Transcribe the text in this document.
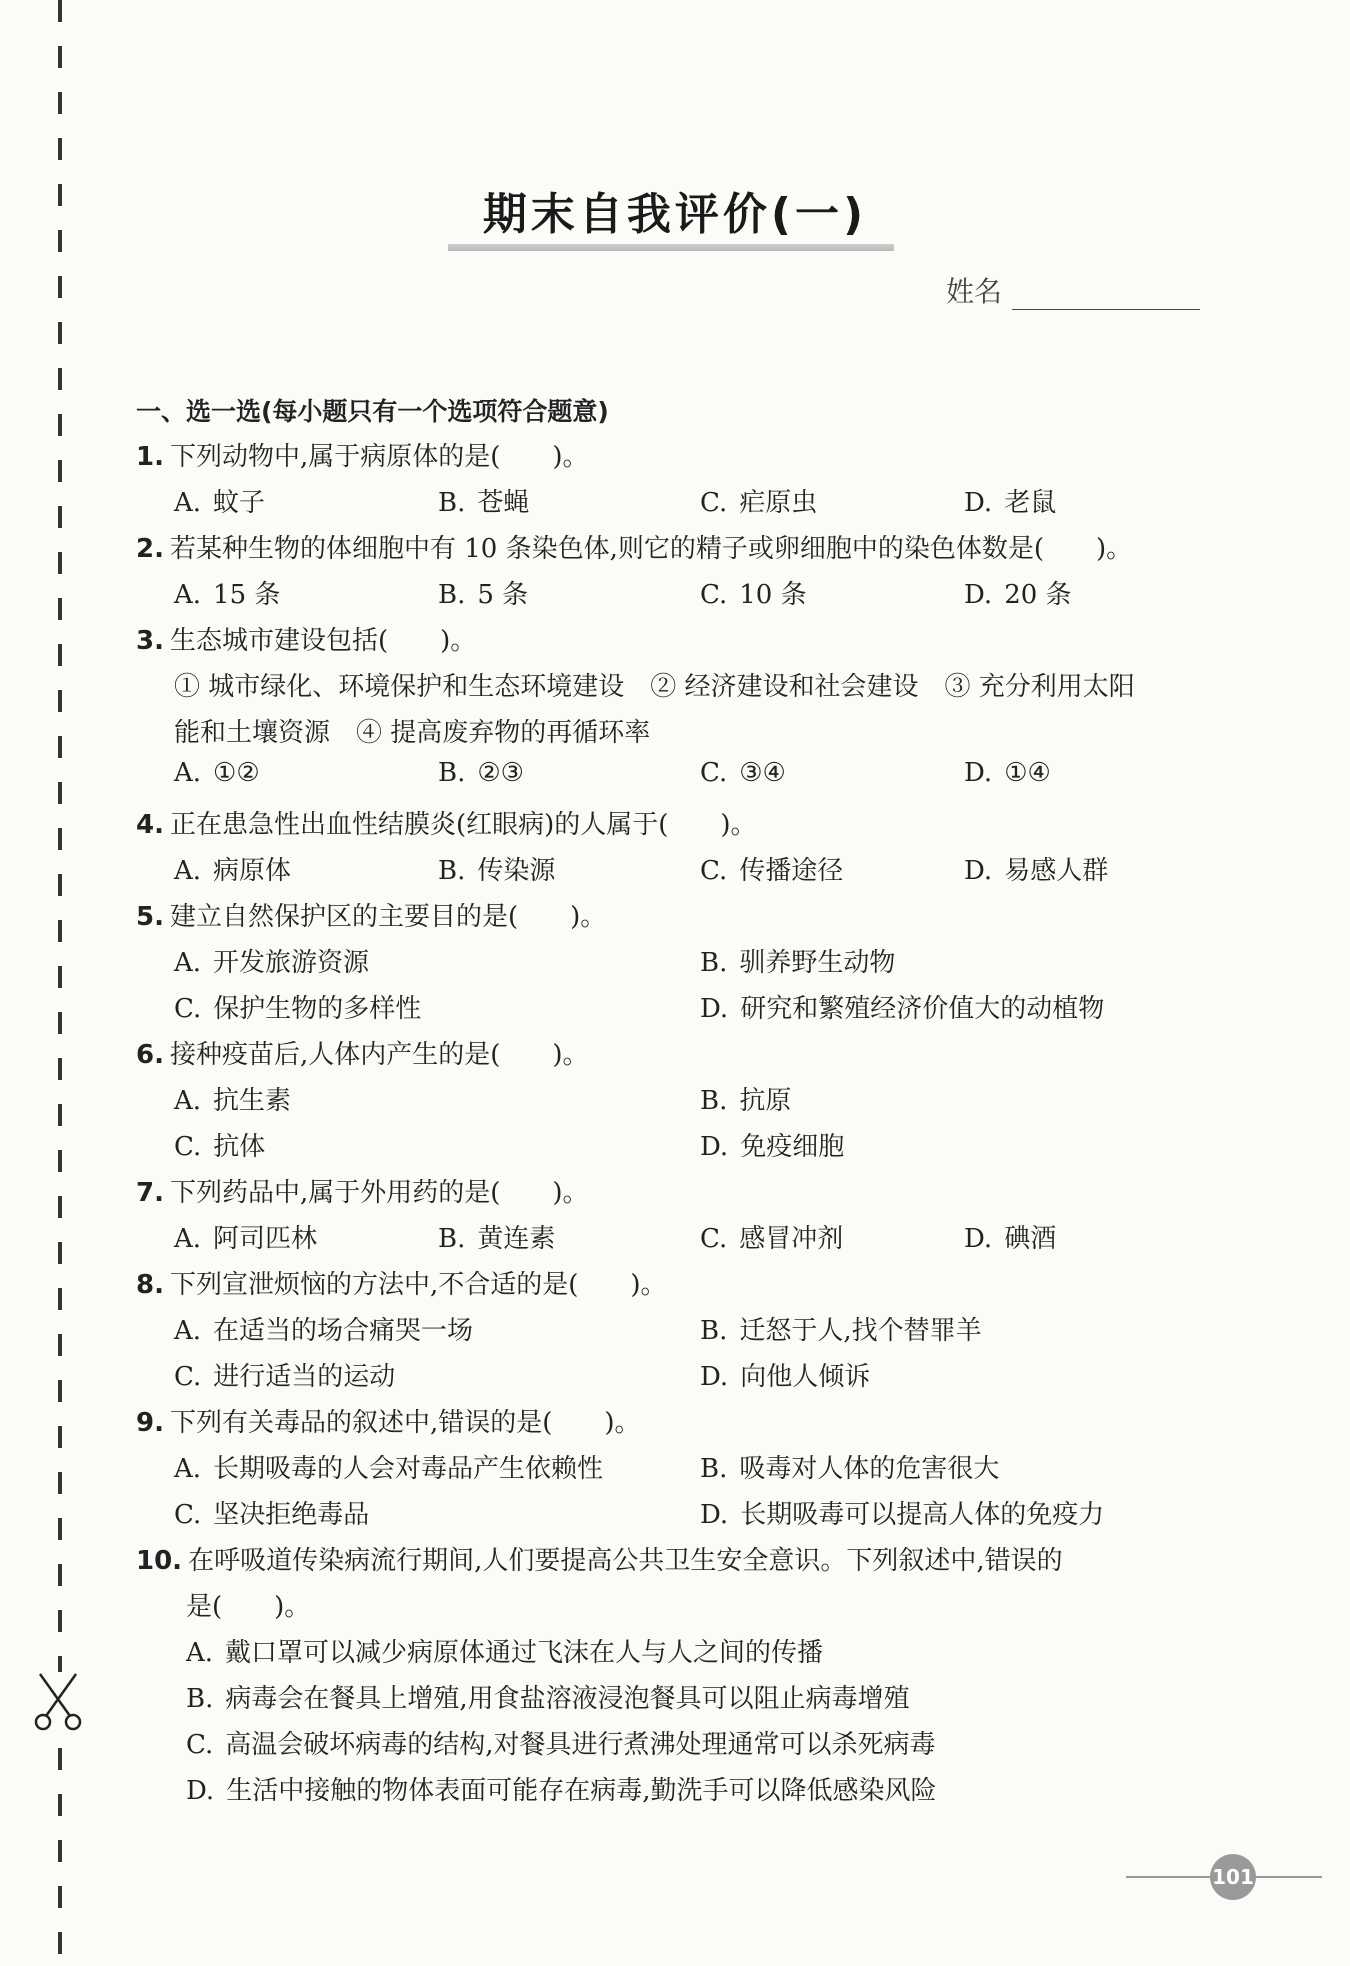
期末自我评价(一)
姓名
一、选一选(每小题只有一个选项符合题意)
1. 下列动物中,属于病原体的是(　　)。
A. 蚊子	B. 苍蝇	C. 疟原虫	D. 老鼠
2. 若某种生物的体细胞中有 10 条染色体,则它的精子或卵细胞中的染色体数是(　　)。
A. 15 条	B. 5 条	C. 10 条	D. 20 条
3. 生态城市建设包括(　　)。
① 城市绿化、环境保护和生态环境建设　② 经济建设和社会建设　③ 充分利用太阳
能和土壤资源　④ 提高废弃物的再循环率
A. ①②	B. ②③	C. ③④	D. ①④
4. 正在患急性出血性结膜炎(红眼病)的人属于(　　)。
A. 病原体	B. 传染源	C. 传播途径	D. 易感人群
5. 建立自然保护区的主要目的是(　　)。
A. 开发旅游资源	B. 驯养野生动物
C. 保护生物的多样性	D. 研究和繁殖经济价值大的动植物
6. 接种疫苗后,人体内产生的是(　　)。
A. 抗生素	B. 抗原
C. 抗体	D. 免疫细胞
7. 下列药品中,属于外用药的是(　　)。
A. 阿司匹林	B. 黄连素	C. 感冒冲剂	D. 碘酒
8. 下列宣泄烦恼的方法中,不合适的是(　　)。
A. 在适当的场合痛哭一场	B. 迁怒于人,找个替罪羊
C. 进行适当的运动	D. 向他人倾诉
9. 下列有关毒品的叙述中,错误的是(　　)。
A. 长期吸毒的人会对毒品产生依赖性	B. 吸毒对人体的危害很大
C. 坚决拒绝毒品	D. 长期吸毒可以提高人体的免疫力
10. 在呼吸道传染病流行期间,人们要提高公共卫生安全意识。下列叙述中,错误的
是(　　)。
A. 戴口罩可以减少病原体通过飞沫在人与人之间的传播
B. 病毒会在餐具上增殖,用食盐溶液浸泡餐具可以阻止病毒增殖
C. 高温会破坏病毒的结构,对餐具进行煮沸处理通常可以杀死病毒
D. 生活中接触的物体表面可能存在病毒,勤洗手可以降低感染风险
101
